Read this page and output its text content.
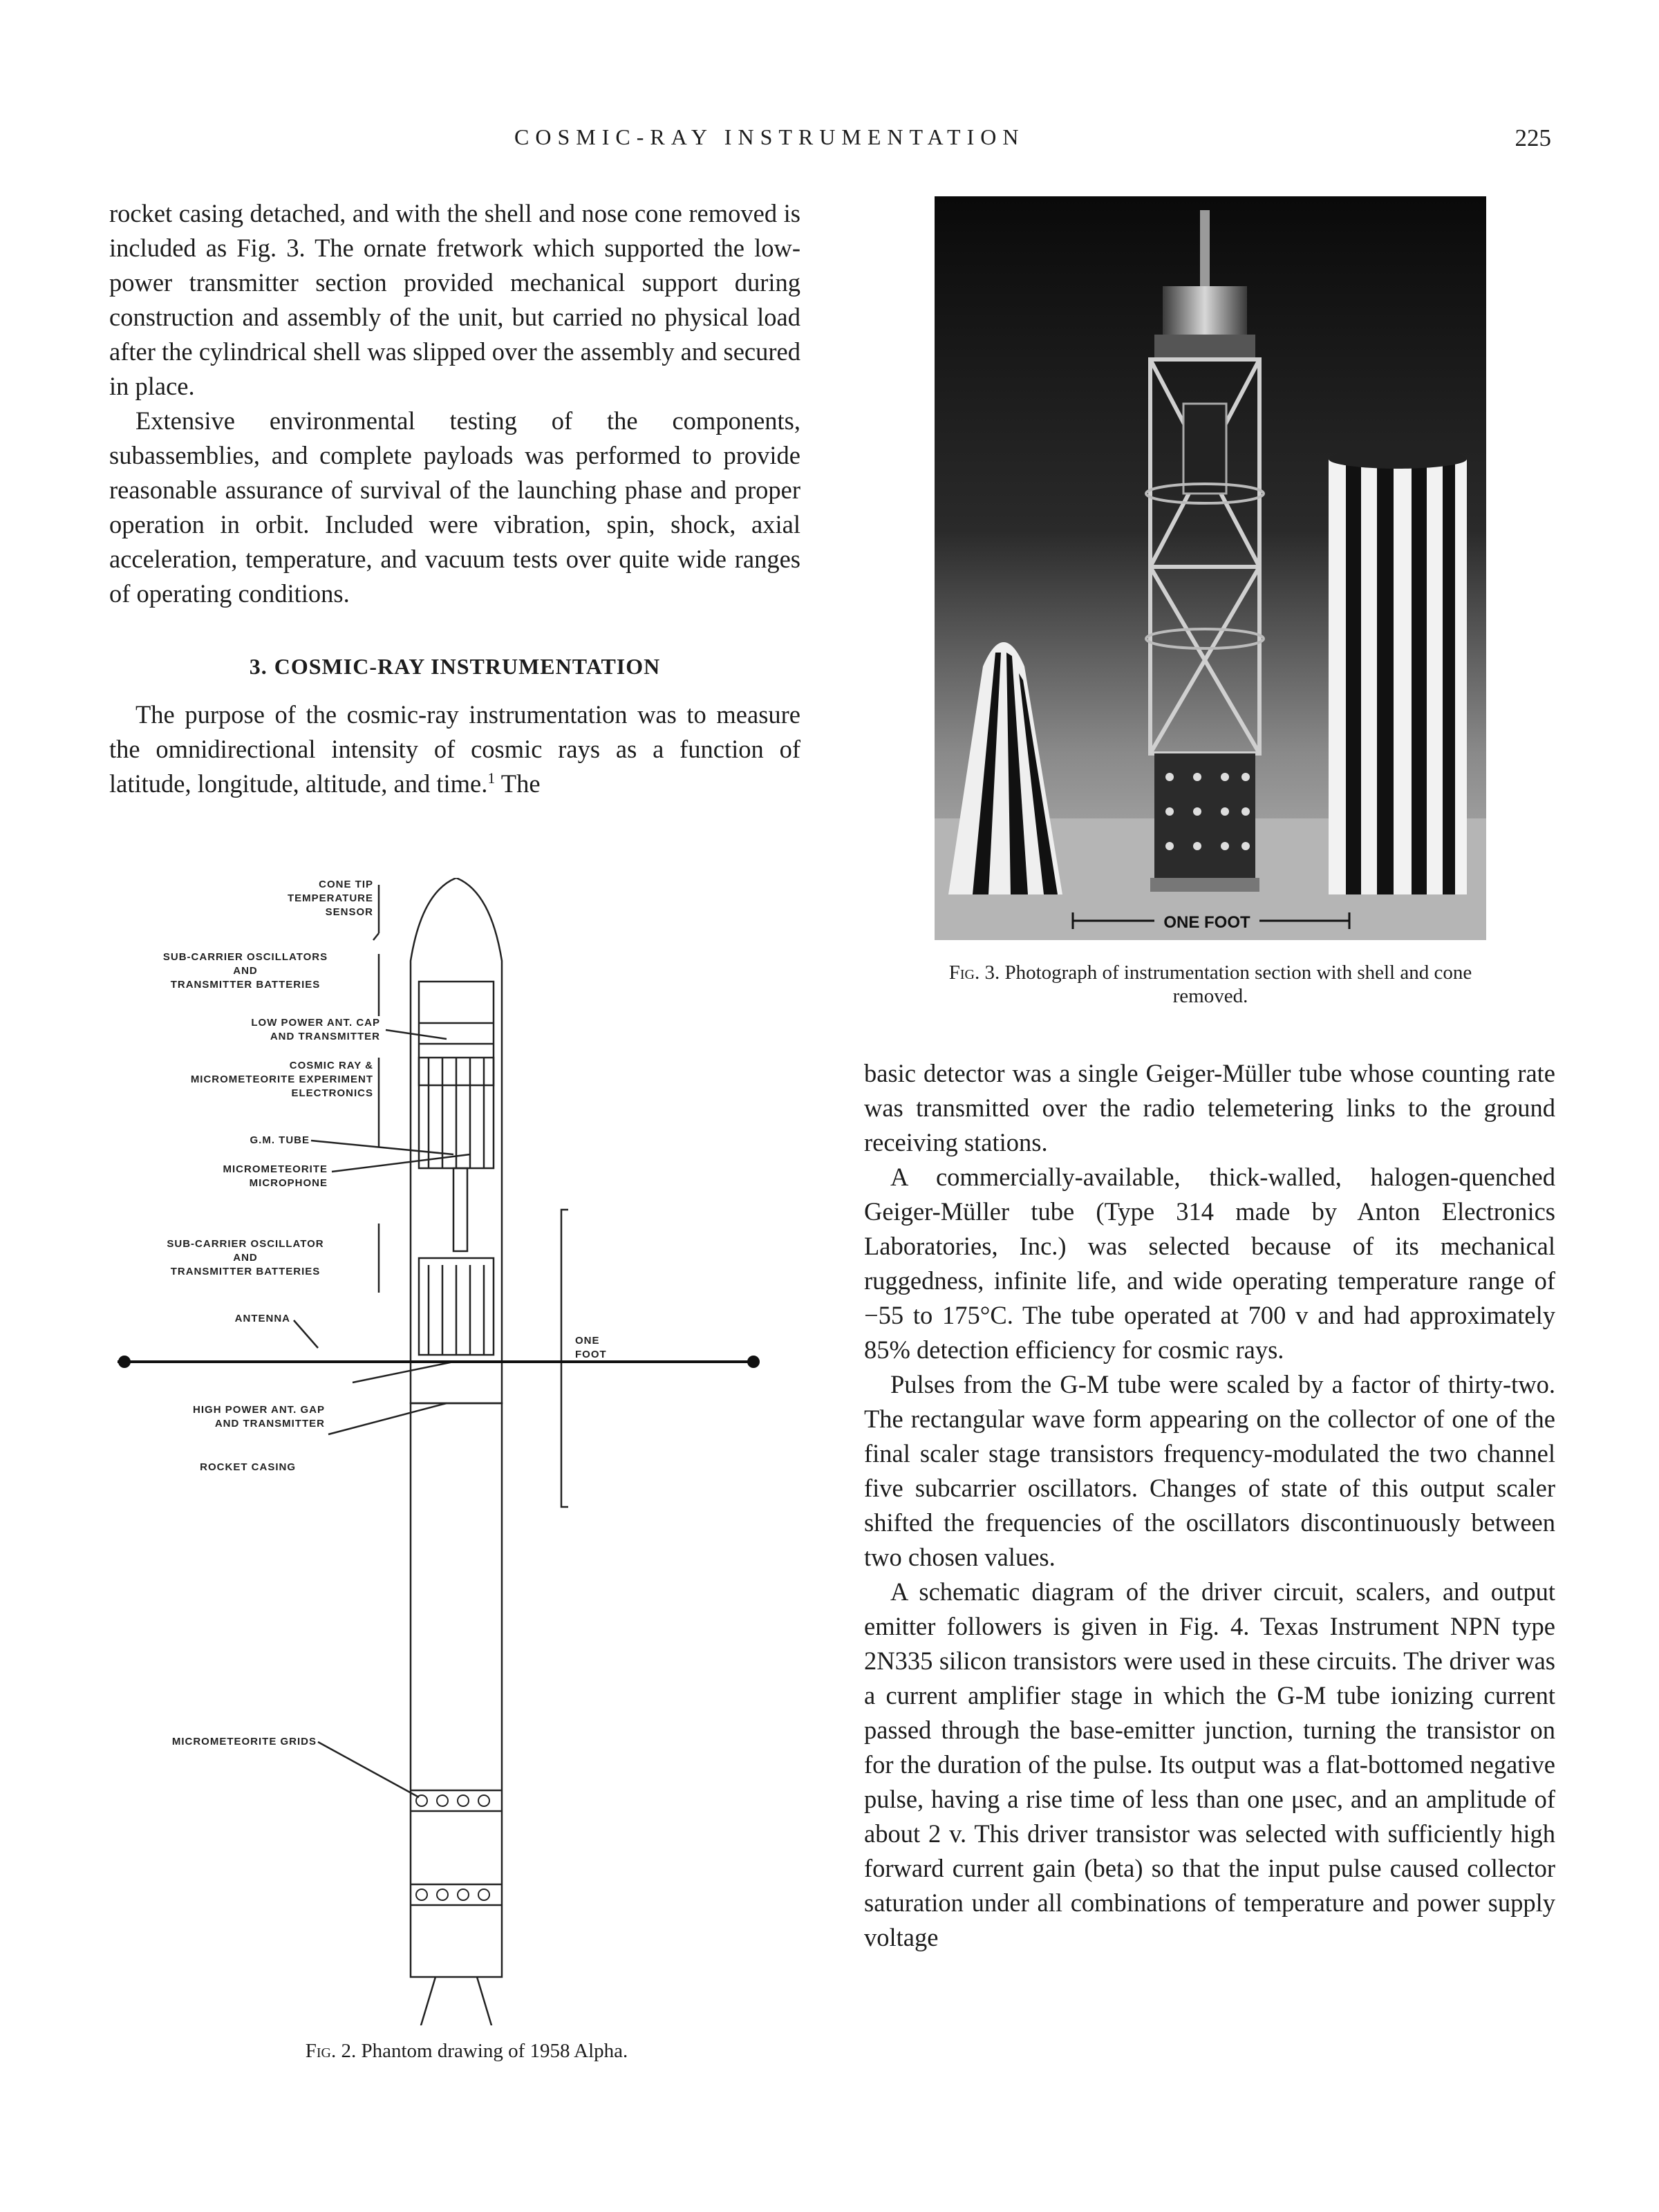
COSMIC-RAY INSTRUMENTATION	225

rocket casing detached, and with the shell and nose cone removed is included as Fig. 3. The ornate fretwork which supported the low-power transmitter section provided mechanical support during construction and assembly of the unit, but carried no physical load after the cylindrical shell was slipped over the assembly and secured in place.

Extensive environmental testing of the components, subassemblies, and complete payloads was performed to provide reasonable assurance of survival of the launching phase and proper operation in orbit. Included were vibration, spin, shock, axial acceleration, temperature, and vacuum tests over quite wide ranges of operating conditions.

3. COSMIC-RAY INSTRUMENTATION

The purpose of the cosmic-ray instrumentation was to measure the omnidirectional intensity of cosmic rays as a function of latitude, longitude, altitude, and time.$^1$ The

ONE FOOT
Fig. 3. Photograph of instrumentation section with shell and cone removed.
CONE TIP
TEMPERATURE
SENSOR
SUB-CARRIER OSCILLATORS
AND
TRANSMITTER BATTERIES
LOW POWER ANT. CAP
AND TRANSMITTER
COSMIC RAY &
MICROMETEORITE EXPERIMENT
ELECTRONICS
G.M. TUBE
MICROMETEORITE
MICROPHONE
SUB-CARRIER OSCILLATOR
AND
TRANSMITTER BATTERIES
ANTENNA
HIGH POWER ANT. GAP
AND TRANSMITTER
ROCKET CASING
ONE
FOOT
MICROMETEORITE GRIDS
Fig. 2. Phantom drawing of 1958 Alpha.

basic detector was a single Geiger-Müller tube whose counting rate was transmitted over the radio telemetering links to the ground receiving stations.

A commercially-available, thick-walled, halogen-quenched Geiger-Müller tube (Type 314 made by Anton Electronics Laboratories, Inc.) was selected because of its mechanical ruggedness, infinite life, and wide operating temperature range of −55 to 175°C. The tube operated at 700 v and had approximately 85% detection efficiency for cosmic rays.

Pulses from the G-M tube were scaled by a factor of thirty-two. The rectangular wave form appearing on the collector of one of the final scaler stage transistors frequency-modulated the two channel five subcarrier oscillators. Changes of state of this output scaler shifted the frequencies of the oscillators discontinuously between two chosen values.

A schematic diagram of the driver circuit, scalers, and output emitter followers is given in Fig. 4. Texas Instrument NPN type 2N335 silicon transistors were used in these circuits. The driver was a current amplifier stage in which the G-M tube ionizing current passed through the base-emitter junction, turning the transistor on for the duration of the pulse. Its output was a flat-bottomed negative pulse, having a rise time of less than one μsec, and an amplitude of about 2 v. This driver transistor was selected with sufficiently high forward current gain (beta) so that the input pulse caused collector saturation under all combinations of temperature and power supply voltage
